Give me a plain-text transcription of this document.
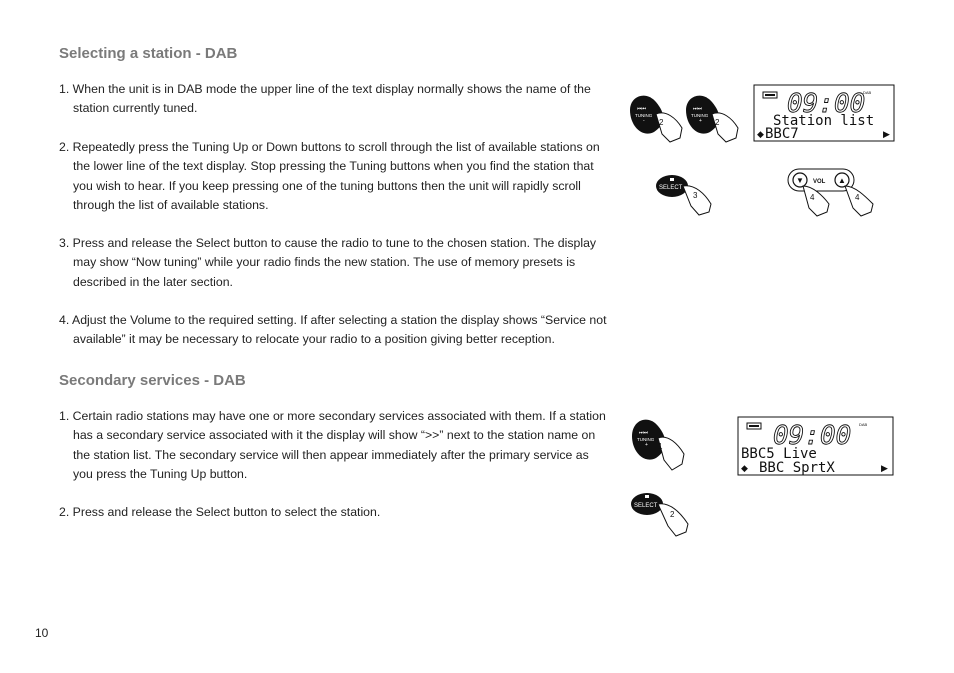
Selecting a station - DAB

1. When the unit is in DAB mode the upper line of the text display normally shows the name of the station currently tuned.

2. Repeatedly press the Tuning Up or Down buttons to scroll through the list of available stations on the lower line of the text display. Stop pressing the Tuning buttons when you find the station that you wish to hear. If you keep pressing one of the tuning buttons then the unit will rapidly scroll through the list of available stations.

3. Press and release the Select button to cause the radio to tune to the chosen station. The display may show “Now tuning” while your radio finds the new station. The use of memory presets is described in the later section.

4. Adjust the Volume to the required setting. If after selecting a station the display shows “Service not available” it may be necessary to relocate your radio to a position giving better reception.

Secondary services - DAB

1. Certain radio stations may have one or more secondary services associated with them. If a station has a secondary service associated with it the display will show “>>” next to the station name on the station list. The secondary service will then appear immediately after the primary service as you press the Tuning Up button.

2. Press and release the Select button to select the station.

10
⏮⏮
TUNING
- 2
⏭⏭
TUNING
+ 2
DAB
09:00
Station list
◆ BBC7	▶
SELECT
3
▼ VOL ▲
4	4
⏭⏭
TUNING
+ 1
DAB
09:00
BBC5 Live
◆ BBC SprtX	▶
SELECT
2
